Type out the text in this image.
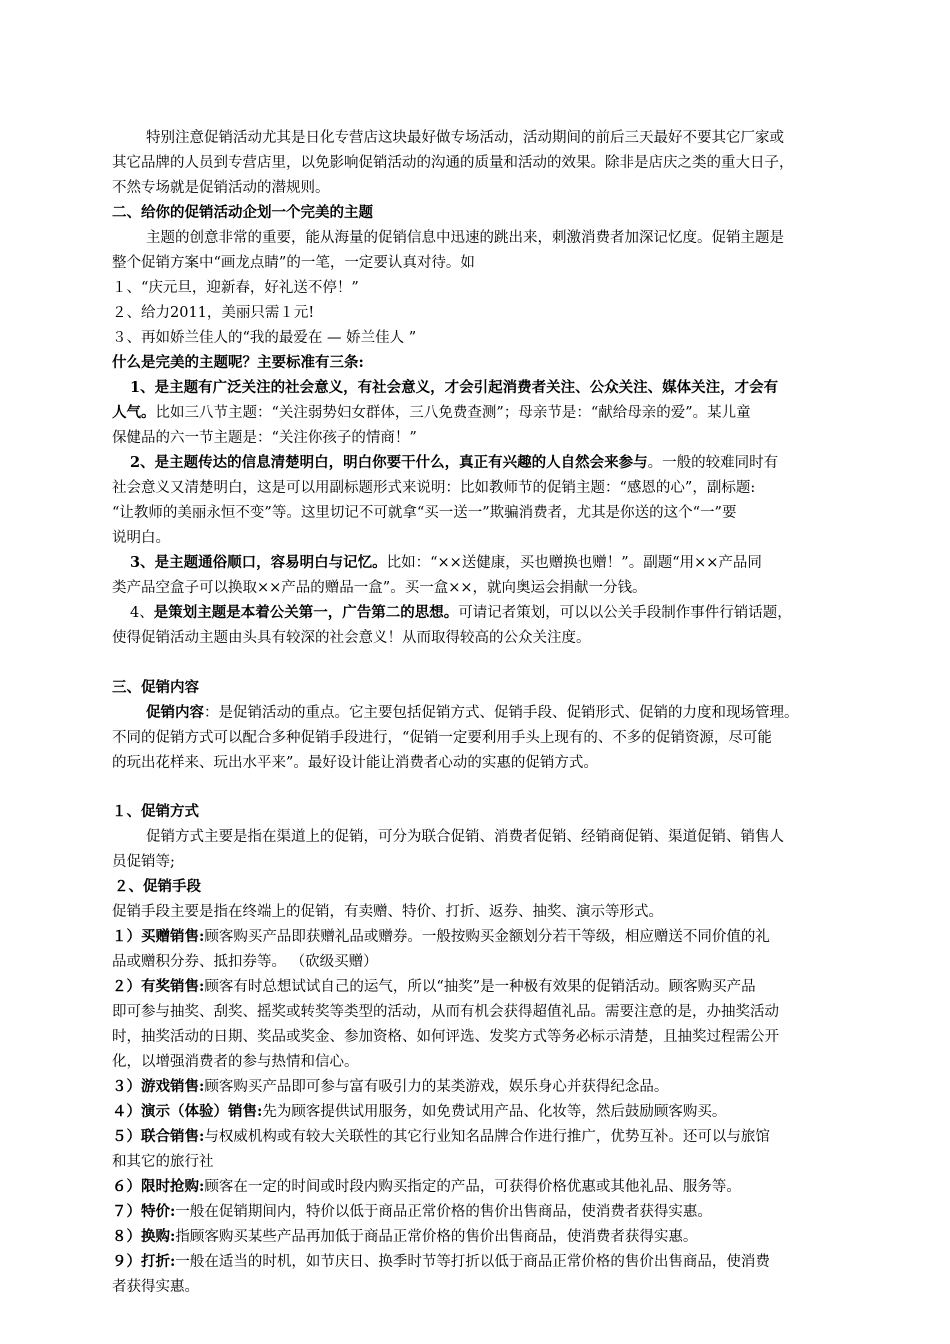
特别注意促销活动尤其是日化专营店这块最好做专场活动，活动期间的前后三天最好不要其它厂家或
其它品牌的人员到专营店里，以免影响促销活动的沟通的质量和活动的效果。除非是店庆之类的重大日子，
不然专场就是促销活动的潜规则。
二、给你的促销活动企划一个完美的主题
主题的创意非常的重要，能从海量的促销信息中迅速的跳出来，刺激消费者加深记忆度。促销主题是
整个促销方案中“画龙点睛”的一笔，一定要认真对待。如
１、“庆元旦，迎新春，好礼送不停！”
２、给力2011，美丽只需１元!
３、再如娇兰佳人的“我的最爱在 — 娇兰佳人 ”
什么是完美的主题呢？主要标准有三条:
1、是主题有广泛关注的社会意义，有社会意义，才会引起消费者关注、公众关注、媒体关注，才会有
人气。比如三八节主题：“关注弱势妇女群体，三八免费查测”；母亲节是：“献给母亲的爱”。某儿童
保健品的六一节主题是：“关注你孩子的情商！”
2、是主题传达的信息清楚明白，明白你要干什么，真正有兴趣的人自然会来参与。一般的较难同时有
社会意义又清楚明白，这是可以用副标题形式来说明：比如教师节的促销主题：“感恩的心”，副标题:
“让教师的美丽永恒不变”等。这里切记不可就拿“买一送一”欺骗消费者，尤其是你送的这个“一”要
说明白。
3、是主题通俗顺口，容易明白与记忆。比如：“××送健康，买也赠换也赠！”。副题“用××产品同
类产品空盒子可以换取××产品的赠品一盒”。买一盒××，就向奥运会捐献一分钱。
4、是策划主题是本着公关第一，广告第二的思想。可请记者策划，可以以公关手段制作事件行销话题，
使得促销活动主题由头具有较深的社会意义！从而取得较高的公众关注度。
三、促销内容
促销内容：是促销活动的重点。它主要包括促销方式、促销手段、促销形式、促销的力度和现场管理。
不同的促销方式可以配合多种促销手段进行，“促销一定要利用手头上现有的、不多的促销资源，尽可能
的玩出花样来、玩出水平来”。最好设计能让消费者心动的实惠的促销方式。
１、促销方式
促销方式主要是指在渠道上的促销，可分为联合促销、消费者促销、经销商促销、渠道促销、销售人
员促销等;
２、促销手段
促销手段主要是指在终端上的促销，有卖赠、特价、打折、返券、抽奖、演示等形式。
１）买赠销售:顾客购买产品即获赠礼品或赠券。一般按购买金额划分若干等级，相应赠送不同价值的礼
品或赠积分券、抵扣券等。 （砍级买赠）
２）有奖销售:顾客有时总想试试自己的运气，所以“抽奖”是一种极有效果的促销活动。顾客购买产品
即可参与抽奖、刮奖、摇奖或转奖等类型的活动，从而有机会获得超值礼品。需要注意的是，办抽奖活动
时，抽奖活动的日期、奖品或奖金、参加资格、如何评选、发奖方式等务必标示清楚，且抽奖过程需公开
化，以增强消费者的参与热情和信心。
３）游戏销售:顾客购买产品即可参与富有吸引力的某类游戏，娱乐身心并获得纪念品。
４）演示（体验）销售:先为顾客提供试用服务，如免费试用产品、化妆等，然后鼓励顾客购买。
５）联合销售:与权威机构或有较大关联性的其它行业知名品牌合作进行推广，优势互补。还可以与旅馆
和其它的旅行社
６）限时抢购:顾客在一定的时间或时段内购买指定的产品，可获得价格优惠或其他礼品、服务等。
７）特价:一般在促销期间内，特价以低于商品正常价格的售价出售商品，使消费者获得实惠。
８）换购:指顾客购买某些产品再加低于商品正常价格的售价出售商品，使消费者获得实惠。
９）打折:一般在适当的时机，如节庆日、换季时节等打折以低于商品正常价格的售价出售商品，使消费
者获得实惠。
